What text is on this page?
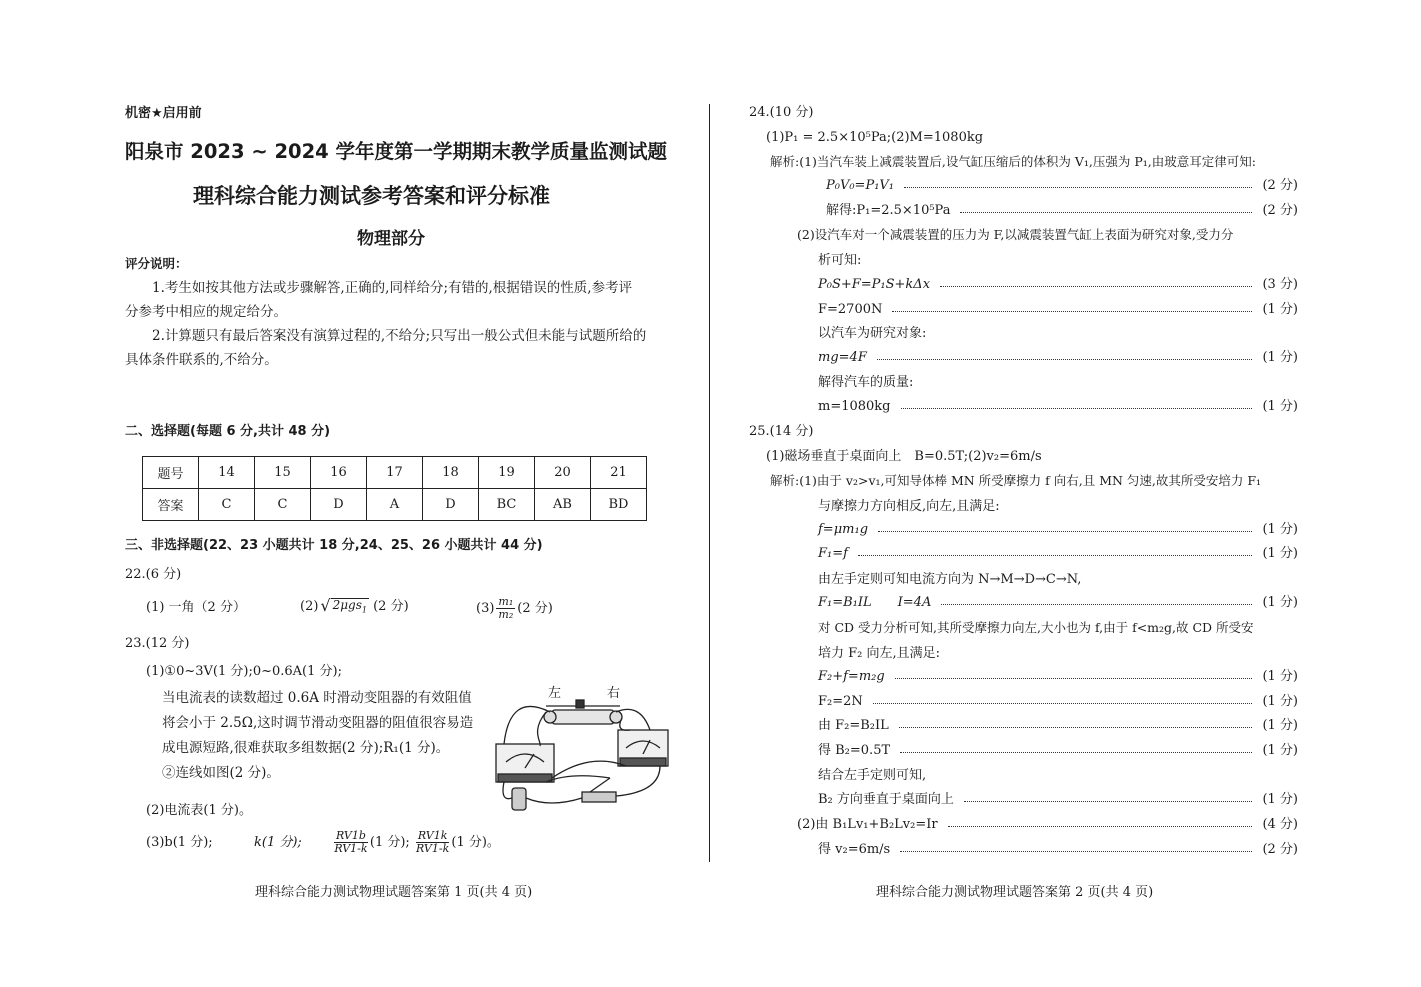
机密★启用前
阳泉市 2023 ~ 2024 学年度第一学期期末教学质量监测试题
理科综合能力测试参考答案和评分标准
物理部分
评分说明：
1.考生如按其他方法或步骤解答,正确的,同样给分;有错的,根据错误的性质,参考评
分参考中相应的规定给分。
2.计算题只有最后答案没有演算过程的,不给分;只写出一般公式但未能与试题所给的
具体条件联系的,不给分。
二、选择题(每题 6 分,共计 48 分)
题号	14	15	16	17	18	19	20	21
答案	C	C	D	A	D	BC	AB	BD
三、非选择题(22、23 小题共计 18 分,24、25、26 小题共计 44 分)
22.(6 分)
(1) 一角（2 分）	(2) √ 2μgs$_1$ (2 分)	$(3) \frac{\text{m₁}}{\text{m₂}} (2$ 分)
23.(12 分)
(1)①0~3V(1 分);0~0.6A(1 分);
当电流表的读数超过 0.6A 时滑动变阻器的有效阻值
将会小于 2.5Ω,这时调节滑动变阻器的阻值很容易造
成电源短路,很难获取多组数据(2 分);R₁(1 分)。
②连线如图(2 分)。
(2)电流表(1 分)。
(3)b(1 分);	k(1 分);	$\frac{RV1b}{RV1-k} (1$ 分); $\frac{RV1k}{RV1-k} (1$ 分)。
左	右
理科综合能力测试物理试题答案第 1 页(共 4 页)
24.(10 分)
(1)P₁ = 2.5×10⁵Pa;(2)M=1080kg
解析:(1)当汽车装上减震装置后,设气缸压缩后的体积为 V₁,压强为 P₁,由玻意耳定律可知:
P₀V₀=P₁V₁	(2 分)
解得:P₁=2.5×10⁵Pa	(2 分)
(2)设汽车对一个减震装置的压力为 F,以减震装置气缸上表面为研究对象,受力分
析可知:
P₀S+F=P₁S+kΔx	(3 分)
F=2700N	(1 分)
以汽车为研究对象:
mg=4F	(1 分)
解得汽车的质量:
m=1080kg	(1 分)
25.(14 分)
(1)磁场垂直于桌面向上　B=0.5T;(2)v₂=6m/s
解析:(1)由于 v₂>v₁,可知导体棒 MN 所受摩擦力 f 向右,且 MN 匀速,故其所受安培力 F₁
与摩擦力方向相反,向左,且满足:
f=μm₁g	(1 分)
F₁=f	(1 分)
由左手定则可知电流方向为 N→M→D→C→N,
F₁=B₁IL　　I=4A	(1 分)
对 CD 受力分析可知,其所受摩擦力向左,大小也为 f,由于 f<m₂g,故 CD 所受安
培力 F₂ 向左,且满足:
F₂+f=m₂g	(1 分)
F₂=2N	(1 分)
由 F₂=B₂IL	(1 分)
得 B₂=0.5T	(1 分)
结合左手定则可知,
B₂ 方向垂直于桌面向上	(1 分)
(2)由 B₁Lv₁+B₂Lv₂=Ir	(4 分)
得 v₂=6m/s	(2 分)
理科综合能力测试物理试题答案第 2 页(共 4 页)
